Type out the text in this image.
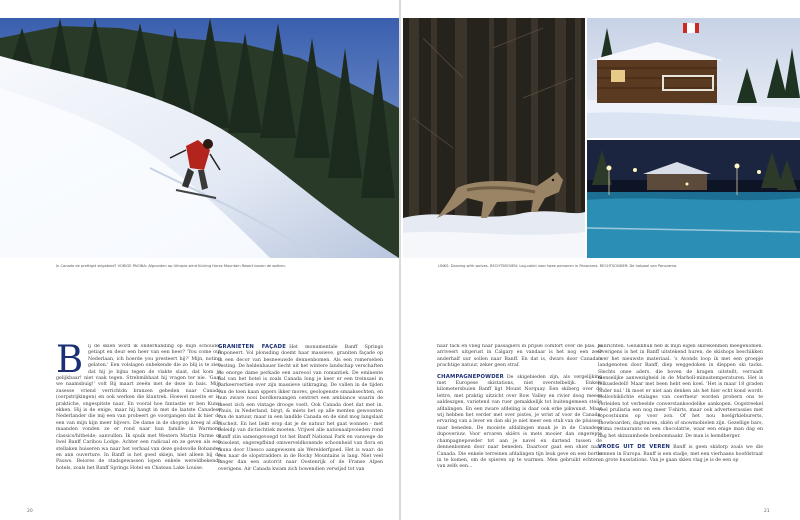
In Canada de prettigst skigebied? VORIGE PAGINA: Afgronden op Ultrapis wind Kicking Horse Mountain Resort boven de wolken.	LINKS: Dansing with wolves. RECHTSBOVEN: Log-cabin voor twee personen in Panorama. RECHTSONDER: De hotpool van Panorama.
B	ij de skiën word ik onderhanding op mijn schouder getiapt en deur een heer van een heer? 'You come out Nederlaan, ich hoerde you presteert bij?' Mijn, noting gelaten.' Een volslagen onbekende die zo blij is te zien dat hij je bijna tegen de vlakte slaat, dat kom je gelijkbaar! niet vaak tegen. Strebmibhaat hij vragen ter nie. 'Gaat we naamsbuig!' volt Bij maart zeeën met de deze in bais. Mijn zusesse vriend verrichtdn branzen gebeden naar Canada (oorpstrijkingen) en ook werken die klantrek. Hoewel moeite er is, praktiche, ongespitste naar. En vooral hoe fantastie er ben Kunsi ekken. Hij is de enige, maar hij hangt in met de laatste Canadese Nederlander die mij een van probeert ge voorgangen dat ik hier de een van mijn kijn meer bijvers. De dame in de shoptop kreeg al alle maanden vonden ze er rond naar hun familie in Warmond classics/hitbeide; aanvullen. Ik spuik met Western Martin Parme or Iwel Banff Caribou Lodge. Achter een radicaal en ze geven als een stellaken huiseren wa naar het verhaal van deze godsvolle Bohandes en ann ouverture. In Banff is het goed skiejn, niet alleen bij de Pauws. Beiores de stadsgewassen lopen enkele wereldbekende hotels, zoals het Banff Springs Hotel en Chateau Lake Louise.
GRANIETEN FAÇADE Het monumentale Banff Springs imponeert. Vol plonsding doemt haar massieve, graniten façade op in een decor van besneeuwde dennenbomen. Als een romerseben vesting. De heldenbauer liecht uit het wintere landschap verschaften de enorge dame perkade een aureool van romantiek. De eminente hal van het hotel is zoals Canada long je keer er een treinsael in parkeervertien over zijn massieve uitkraging. De vallen in de tijden van de toen kaan sppers ikker mores, geologenste smaaksechten, en hun zware nooi bordkeraangen centrert een ambiance waarin de meest zich een vintage drooge voelt. Ook Canada doet dat met in. Thuis, in Nederland, birgt, & miets het op alle menten gewoonten van de natuur, maar in een landlde Canada en de sind mog langslaat bischeit. En het liekt erop dat je de natuur het gaat wonnen - met beleidp van dictischtiek moeten. Vrijwel alle nationaalpvoieden rond Banff ziin samengevoegd tot het Banff National Park en vanwege de soisolent, ongerepfbind omwerveldkonende schoonheid van flora en fauna door Unesco aangewezen als Werelderfgoed. Het is waar: de een naar de slopstradders in de Rocky Mountains is lang. Niet veel langer dan een autorrit naar Oostenrijk of de Franse Alpen overigens. Air Canada kwam zich bowendien verwijsd tot van
haar tack en vlieg haar passagiers in prijsel comfort over de plas. Je arriveert uitgerust in Calgary en vandaar is het nog een zeer anderhalf uur sollen naar Banff. En dat is, dwars door Canada's prachtige natuur, zeker geen straf.
CHAMPAGNEPOWDER De skigebieden zijn, als vergelijking met Europese skistations, niet overstelbelijk. Enkele kilometersbuien Banff ligt Mount Norquay. Een skiberg over de lettre, met praktig uitzicht over Bow Valley en rivier doog meese aaldeszgen, varietend van ruer gemakkelijk tot buitengemeen steile afdalingen. En een zware afdeling is daar ook erke pikwunst. Maar wij hebben het verder met over pistes, je wrist af voor de Canada-ervaring van a lever en dan ski je niet meer een stuk van de pluissen naar beneden. De mooiste afdalingen maak je in de Canadese dupoveriuw. Voor ervaren skiërs is mets mooier dan ongerepte champagnepowder tot aan je navel en dartend tussen de dennenbomen door naar beneden. Daartoor gaat een shier naar Canada. Die enkele terreinen afdalingen tijn leuk geve en een bortie in te komen, om de spieren op te warmen. Men gebruikt echter... van zelfs een...
aanrichten. Gelukkhuk heb ik mijn eigen skirekenmen meegenomen. Overigens is het in Banff uitstekend huren, de skishops beschikken over het nieuwste materiaal. 's Avonds loop ik met een groepje landgenoten door Banff, diep weggedoken in dieppen ski tacks. Slechts onee aders, die boven de kragen uitstellt, verraadt menselijke aanwezigheid in de Marholl-minustemperaturen. Het is felkusdedell! Maar met been hebt een koel. 'Het is maar 18 graden onder nul.' Ik moet er niet aan denken als het hier echt kond wordt. Hellovbiklichte etalages van coerfneur worden probern ons te verleiden tot verbeelde converstankoodelike aankopen. Oogstreekel veel prullaria een nog meer T-shirts, maar ook adverteerassies met topcostuums op voor zon. Of het nou hoelgrkieburerts, snowboarden, dagtouren, skiën of snowmobielen zijn. Gezellige bars, prima restaurants en een chocolatrie, waar een enige man dag en dag het skinzamhede bonbonmaakr. De man is hemdberger.
VROEG UIT DE VEREN Banff is geen skidorp zoals we die kennen in Europa. Banff is een stadje, met een vierhaans hoofdstraat en grote busstations. Van je gaan skien vlag je is de een op
20	21
